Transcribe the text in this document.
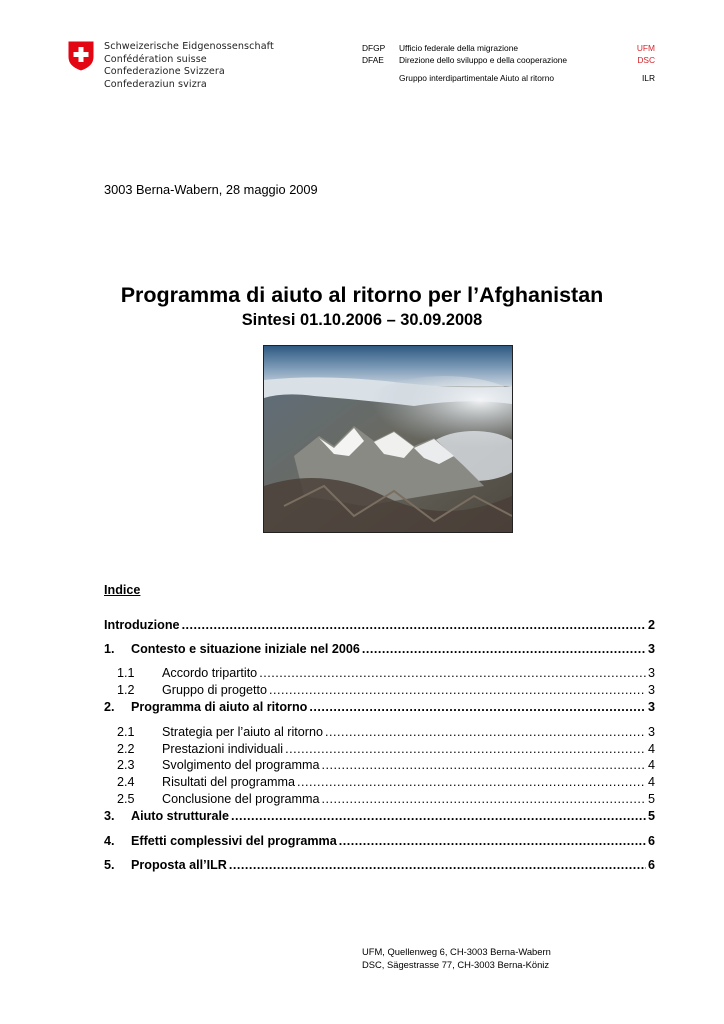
Schweizerische Eidgenossenschaft
Confédération suisse
Confederazione Svizzera
Confederaziun svizra
DFGP Ufficio federale della migrazione	UFM
DFAE Direzione dello sviluppo e della cooperazione	DSC
Gruppo interdipartimentale Aiuto al ritorno	ILR
3003 Berna-Wabern, 28 maggio 2009
Programma di aiuto al ritorno per l’Afghanistan
Sintesi 01.10.2006 – 30.09.2008
Indice
Introduzione .....	2
1.	Contesto e situazione iniziale nel 2006 .....	3
1.1	Accordo tripartito .....	3
1.2	Gruppo di progetto .....	3
2.	Programma di aiuto al ritorno .....	3
2.1	Strategia per l’aiuto al ritorno .....	3
2.2	Prestazioni individuali .....	4
2.3	Svolgimento del programma .....	4
2.4	Risultati del programma .....	4
2.5	Conclusione del programma .....	5
3.	Aiuto strutturale .....	5
4.	Effetti complessivi del programma .....	6
5.	Proposta all’ILR .....	6
UFM, Quellenweg 6, CH-3003 Berna-Wabern
DSC, Sägestrasse 77, CH-3003 Berna-Köniz
